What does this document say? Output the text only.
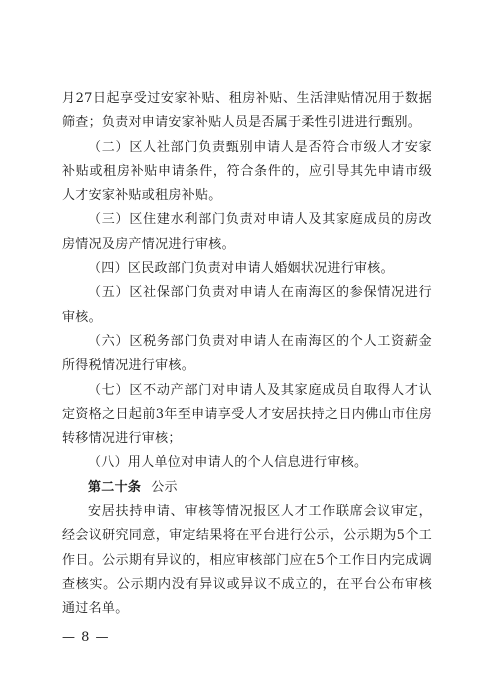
月27日起享受过安家补贴、租房补贴、生活津贴情况用于数据筛查；负责对申请安家补贴人员是否属于柔性引进进行甄别。

（二）区人社部门负责甄别申请人是否符合市级人才安家补贴或租房补贴申请条件，符合条件的，应引导其先申请市级人才安家补贴或租房补贴。

（三）区住建水利部门负责对申请人及其家庭成员的房改房情况及房产情况进行审核。

（四）区民政部门负责对申请人婚姻状况进行审核。

（五）区社保部门负责对申请人在南海区的参保情况进行审核。

（六）区税务部门负责对申请人在南海区的个人工资薪金所得税情况进行审核。

（七）区不动产部门对申请人及其家庭成员自取得人才认定资格之日起前3年至申请享受人才安居扶持之日内佛山市住房转移情况进行审核；

（八）用人单位对申请人的个人信息进行审核。

第二十条 公示

安居扶持申请、审核等情况报区人才工作联席会议审定，经会议研究同意，审定结果将在平台进行公示，公示期为5个工作日。公示期有异议的，相应审核部门应在5个工作日内完成调查核实。公示期内没有异议或异议不成立的，在平台公布审核通过名单。

— 8 —
